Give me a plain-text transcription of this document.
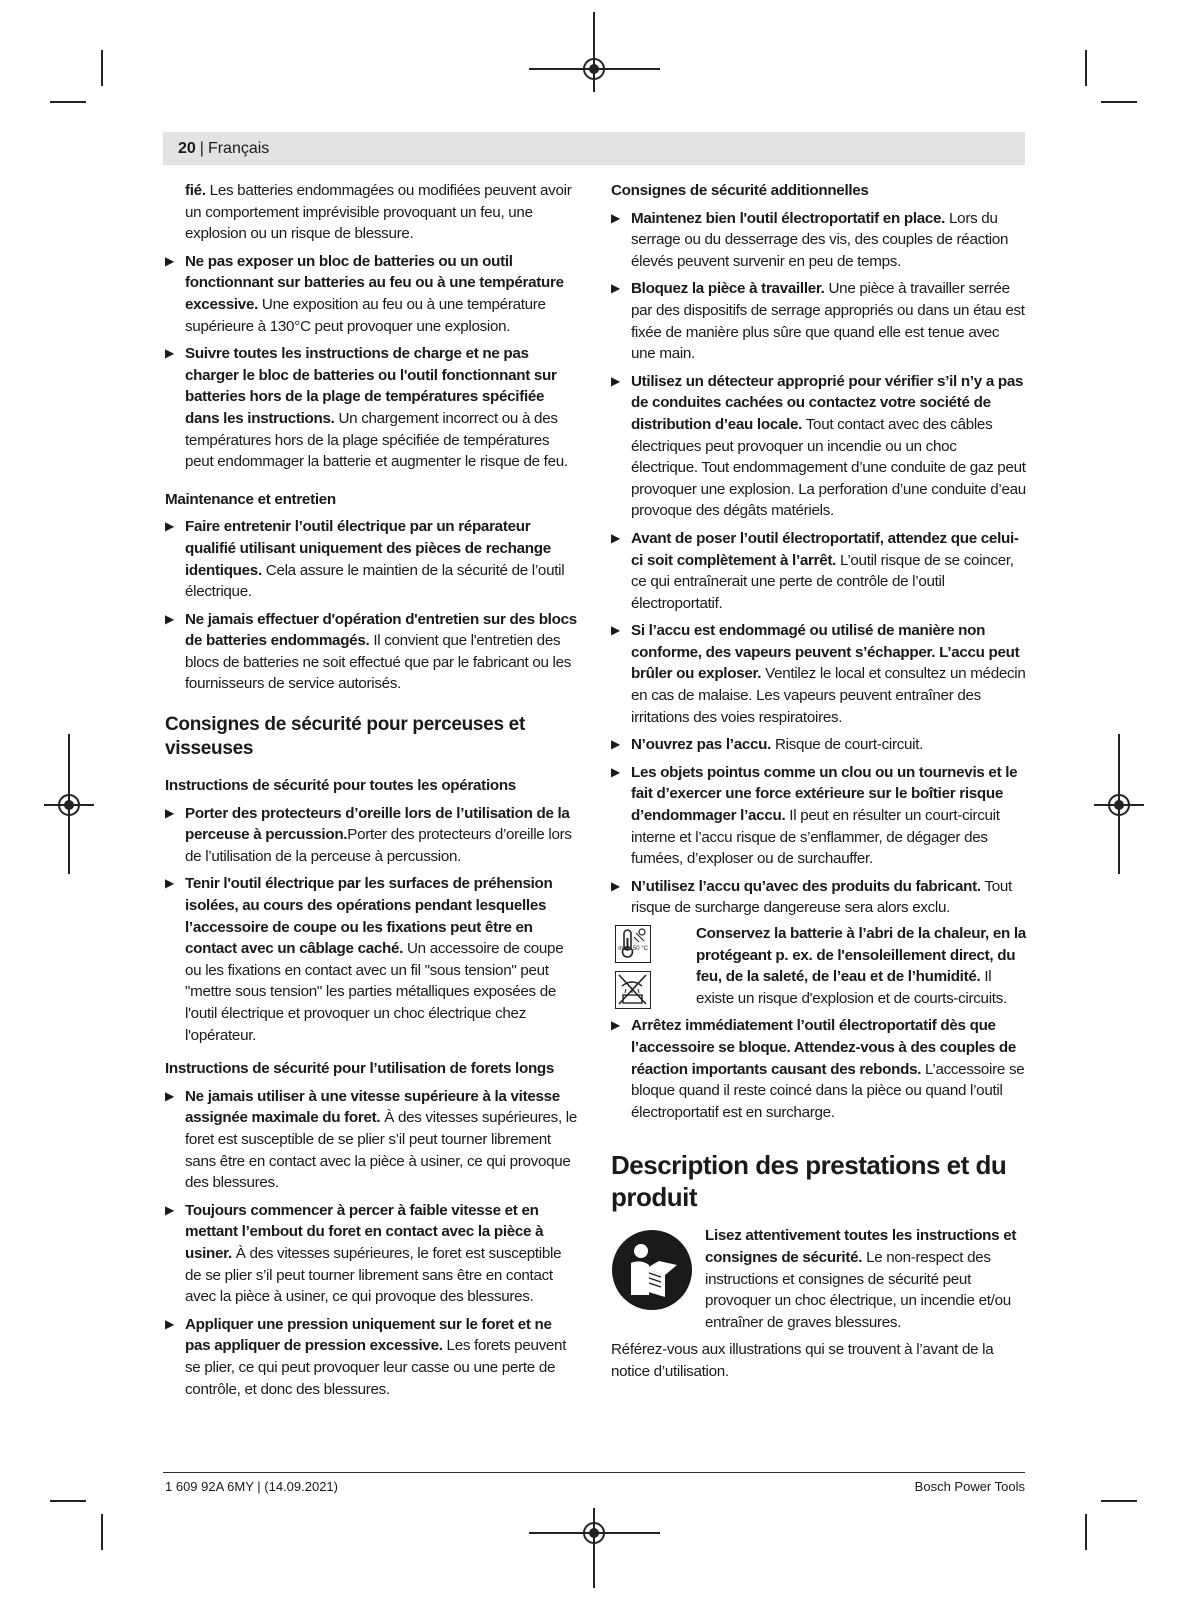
20 | Français
fié. Les batteries endommagées ou modifiées peuvent avoir un comportement imprévisible provoquant un feu, une explosion ou un risque de blessure.
▶ Ne pas exposer un bloc de batteries ou un outil fonctionnant sur batteries au feu ou à une température excessive. Une exposition au feu ou à une température supérieure à 130°C peut provoquer une explosion.
▶ Suivre toutes les instructions de charge et ne pas charger le bloc de batteries ou l'outil fonctionnant sur batteries hors de la plage de températures spécifiée dans les instructions. Un chargement incorrect ou à des températures hors de la plage spécifiée de températures peut endommager la batterie et augmenter le risque de feu.
Maintenance et entretien
▶ Faire entretenir l’outil électrique par un réparateur qualifié utilisant uniquement des pièces de rechange identiques. Cela assure le maintien de la sécurité de l’outil électrique.
▶ Ne jamais effectuer d'opération d'entretien sur des blocs de batteries endommagés. Il convient que l'entretien des blocs de batteries ne soit effectué que par le fabricant ou les fournisseurs de service autorisés.
Consignes de sécurité pour perceuses et visseuses
Instructions de sécurité pour toutes les opérations
▶ Porter des protecteurs d’oreille lors de l’utilisation de la perceuse à percussion.Porter des protecteurs d’oreille lors de l’utilisation de la perceuse à percussion.
▶ Tenir l'outil électrique par les surfaces de préhension isolées, au cours des opérations pendant lesquelles l’accessoire de coupe ou les fixations peut être en contact avec un câblage caché. Un accessoire de coupe ou les fixations en contact avec un fil "sous tension" peut "mettre sous tension" les parties métalliques exposées de l'outil électrique et provoquer un choc électrique chez l'opérateur.
Instructions de sécurité pour l’utilisation de forets longs
▶ Ne jamais utiliser à une vitesse supérieure à la vitesse assignée maximale du foret. À des vitesses supérieures, le foret est susceptible de se plier s’il peut tourner librement sans être en contact avec la pièce à usiner, ce qui provoque des blessures.
▶ Toujours commencer à percer à faible vitesse et en mettant l’embout du foret en contact avec la pièce à usiner. À des vitesses supérieures, le foret est susceptible de se plier s’il peut tourner librement sans être en contact avec la pièce à usiner, ce qui provoque des blessures.
▶ Appliquer une pression uniquement sur le foret et ne pas appliquer de pression excessive. Les forets peuvent se plier, ce qui peut provoquer leur casse ou une perte de contrôle, et donc des blessures.
Consignes de sécurité additionnelles
▶ Maintenez bien l'outil électroportatif en place. Lors du serrage ou du desserrage des vis, des couples de réaction élevés peuvent survenir en peu de temps.
▶ Bloquez la pièce à travailler. Une pièce à travailler serrée par des dispositifs de serrage appropriés ou dans un étau est fixée de manière plus sûre que quand elle est tenue avec une main.
▶ Utilisez un détecteur approprié pour vérifier s’il n’y a pas de conduites cachées ou contactez votre société de distribution d’eau locale. Tout contact avec des câbles électriques peut provoquer un incendie ou un choc électrique. Tout endommagement d’une conduite de gaz peut provoquer une explosion. La perforation d’une conduite d’eau provoque des dégâts matériels.
▶ Avant de poser l’outil électroportatif, attendez que celui-ci soit complètement à l’arrêt. L’outil risque de se coincer, ce qui entraînerait une perte de contrôle de l’outil électroportatif.
▶ Si l’accu est endommagé ou utilisé de manière non conforme, des vapeurs peuvent s’échapper. L’accu peut brûler ou exploser. Ventilez le local et consultez un médecin en cas de malaise. Les vapeurs peuvent entraîner des irritations des voies respiratoires.
▶ N’ouvrez pas l’accu. Risque de court-circuit.
▶ Les objets pointus comme un clou ou un tournevis et le fait d’exercer une force extérieure sur le boîtier risque d’endommager l’accu. Il peut en résulter un court-circuit interne et l’accu risque de s’enflammer, de dégager des fumées, d’exploser ou de surchauffer.
▶ N’utilisez l’accu qu’avec des produits du fabricant. Tout risque de surcharge dangereuse sera alors exclu.
max. 50 °C
Conservez la batterie à l’abri de la chaleur, en la protégeant p. ex. de l'ensoleillement direct, du feu, de la saleté, de l’eau et de l’humidité. Il existe un risque d'explosion et de courts-circuits.
▶ Arrêtez immédiatement l’outil électroportatif dès que l’accessoire se bloque. Attendez-vous à des couples de réaction importants causant des rebonds. L’accessoire se bloque quand il reste coincé dans la pièce ou quand l’outil électroportatif est en surcharge.
Description des prestations et du produit
Lisez attentivement toutes les instructions et consignes de sécurité. Le non-respect des instructions et consignes de sécurité peut provoquer un choc électrique, un incendie et/ou entraîner de graves blessures.
Référez-vous aux illustrations qui se trouvent à l’avant de la notice d’utilisation.
1 609 92A 6MY | (14.09.2021)	Bosch Power Tools
